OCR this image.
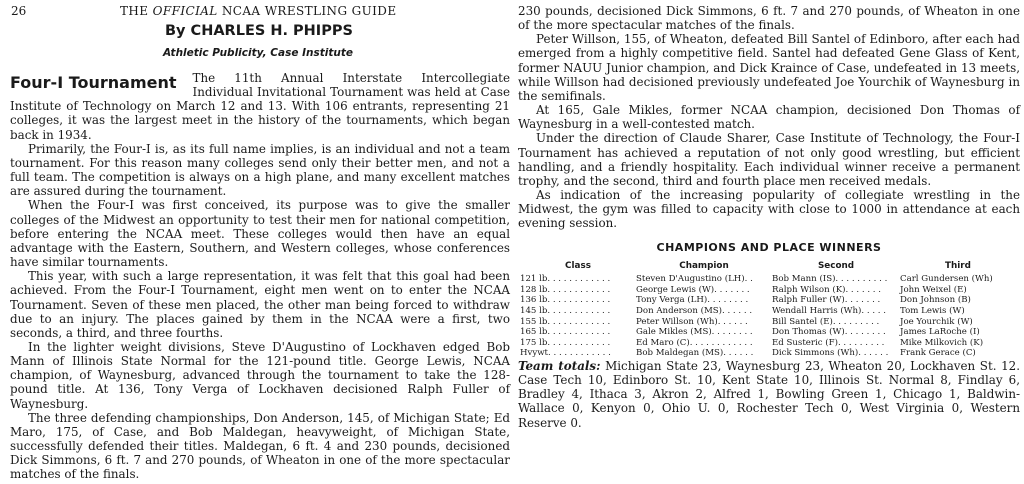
26	THE OFFICIAL NCAA WRESTLING GUIDE
By CHARLES H. PHIPPS
Athletic Publicity, Case Institute

Four-I Tournament The 11th Annual Interstate Intercollegiate Individual Invitational Tournament was held at Case Institute of Technology on March 12 and 13. With 106 entrants, representing 21 colleges, it was the largest meet in the history of the tournaments, which began back in 1934.

Primarily, the Four-I is, as its full name implies, is an individual and not a team tournament. For this reason many colleges send only their better men, and not a full team. The competition is always on a high plane, and many excellent matches are assured during the tournament.

When the Four-I was first conceived, its purpose was to give the smaller colleges of the Midwest an opportunity to test their men for national competition, before entering the NCAA meet. These colleges would then have an equal advantage with the Eastern, Southern, and Western colleges, whose conferences have similar tournaments.

This year, with such a large representation, it was felt that this goal had been achieved. From the Four-I Tournament, eight men went on to enter the NCAA Tournament. Seven of these men placed, the other man being forced to withdraw due to an injury. The places gained by them in the NCAA were a first, two seconds, a third, and three fourths.

In the lighter weight divisions, Steve D'Augustino of Lockhaven edged Bob Mann of Illinois State Normal for the 121-pound title. George Lewis, NCAA champion, of Waynesburg, advanced through the tournament to take the 128-pound title. At 136, Tony Verga of Lockhaven decisioned Ralph Fuller of Waynesburg.

The three defending championships, Don Anderson, 145, of Michigan State; Ed Maro, 175, of Case, and Bob Maldegan, heavyweight, of Michigan State, successfully defended their titles. Maldegan, 6 ft. 4 and 230 pounds, decisioned Dick Simmons, 6 ft. 7 and 270 pounds, of Wheaton in one of the more spectacular matches of the finals.

230 pounds, decisioned Dick Simmons, 6 ft. 7 and 270 pounds, of Wheaton in one of the more spectacular matches of the finals.

Peter Willson, 155, of Wheaton, defeated Bill Santel of Edinboro, after each had emerged from a highly competitive field. Santel had defeated Gene Glass of Kent, former NAUU Junior champion, and Dick Kraince of Case, undefeated in 13 meets, while Willson had decisioned previously undefeated Joe Yourchik of Waynesburg in the semifinals.

At 165, Gale Mikles, former NCAA champion, decisioned Don Thomas of Waynesburg in a well-contested match.

Under the direction of Claude Sharer, Case Institute of Technology, the Four-I Tournament has achieved a reputation of not only good wrestling, but efficient handling, and a friendly hospitality. Each individual winner receive a permanent trophy, and the second, third and fourth place men received medals.

As indication of the increasing popularity of collegiate wrestling in the Midwest, the gym was filled to capacity with close to 1000 in attendance at each evening session.

CHAMPIONS AND PLACE WINNERS
Class	Champion	Second	Third
121 lb. . . . . . . . . . . .	Steven D'Augustino (LH). .	Bob Mann (IS). . . . . . . . . .	Carl Gundersen (Wh)
128 lb. . . . . . . . . . . .	George Lewis (W). . . . . . .	Ralph Wilson (K). . . . . . .	John Weixel (E)
136 lb. . . . . . . . . . . .	Tony Verga (LH). . . . . . . .	Ralph Fuller (W). . . . . . .	Don Johnson (B)
145 lb. . . . . . . . . . . .	Don Anderson (MS). . . . . .	Wendall Harris (Wh). . . . .	Tom Lewis (W)
155 lb. . . . . . . . . . . .	Peter Willson (Wh). . . . . .	Bill Santel (E). . . . . . . . .	Joe Yourchik (W)
165 lb. . . . . . . . . . . .	Gale Mikles (MS). . . . . . . .	Don Thomas (W). . . . . . . .	James LaRoche (I)
175 lb. . . . . . . . . . . .	Ed Maro (C). . . . . . . . . . . .	Ed Susteric (F). . . . . . . . .	Mike Milkovich (K)
Hvywt. . . . . . . . . . . .	Bob Maldegan (MS). . . . . .	Dick Simmons (Wh). . . . . .	Frank Gerace (C)

Team totals: Michigan State 23, Waynesburg 23, Wheaton 20, Lockhaven St. 12. Case Tech 10, Edinboro St. 10, Kent State 10, Illinois St. Normal 8, Findlay 6, Bradley 4, Ithaca 3, Akron 2, Alfred 1, Bowling Green 1, Chicago 1, Baldwin-Wallace 0, Kenyon 0, Ohio U. 0, Rochester Tech 0, West Virginia 0, Western Reserve 0.
